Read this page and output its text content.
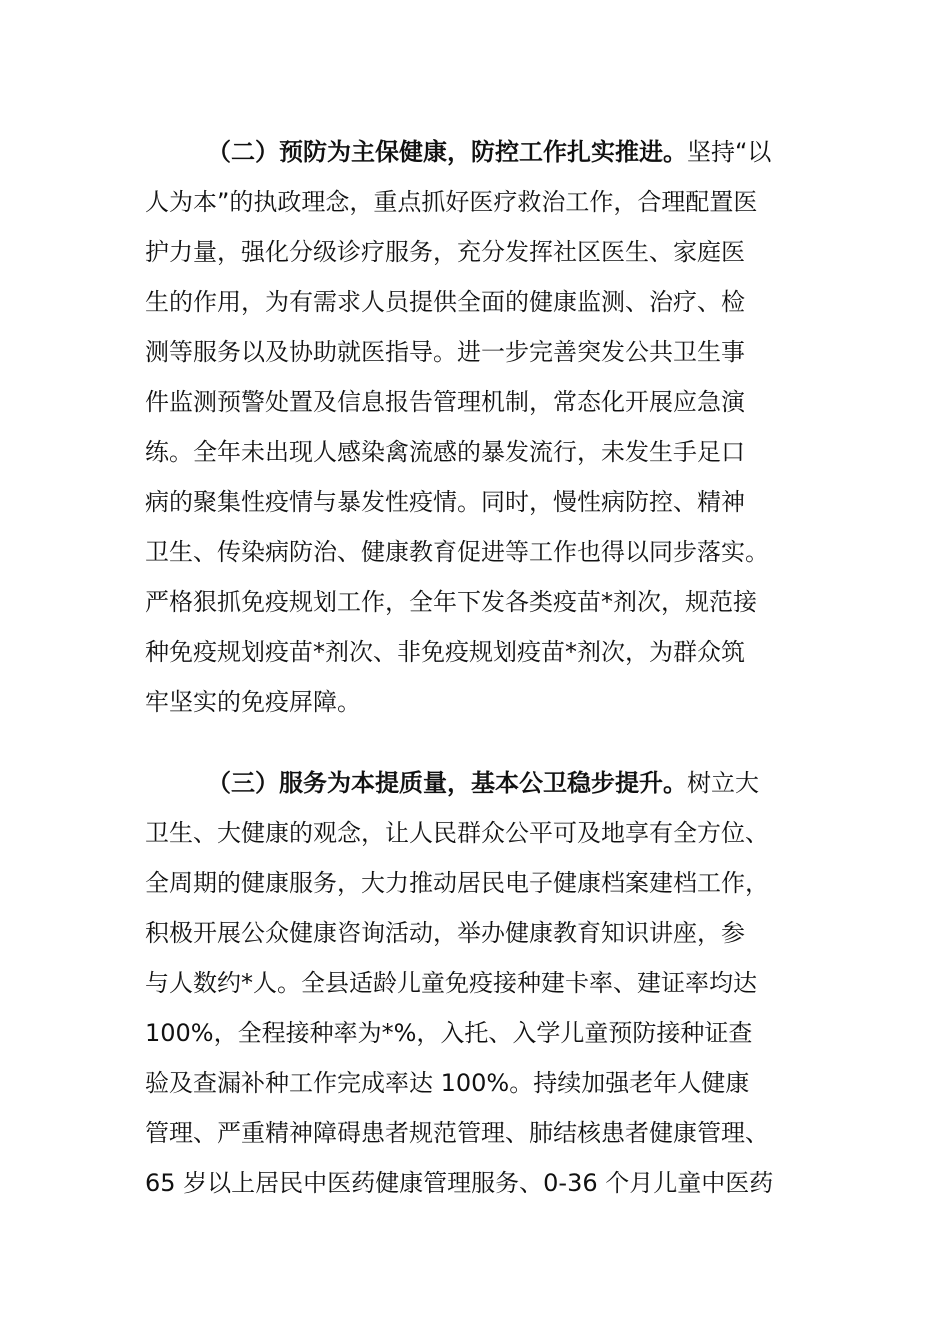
（二）预防为主保健康，防控工作扎实推进。坚持“以
人为本”的执政理念，重点抓好医疗救治工作，合理配置医
护力量，强化分级诊疗服务，充分发挥社区医生、家庭医
生的作用，为有需求人员提供全面的健康监测、治疗、检
测等服务以及协助就医指导。进一步完善突发公共卫生事
件监测预警处置及信息报告管理机制，常态化开展应急演
练。全年未出现人感染禽流感的暴发流行，未发生手足口
病的聚集性疫情与暴发性疫情。同时，慢性病防控、精神
卫生、传染病防治、健康教育促进等工作也得以同步落实。
严格狠抓免疫规划工作，全年下发各类疫苗*剂次，规范接
种免疫规划疫苗*剂次、非免疫规划疫苗*剂次，为群众筑
牢坚实的免疫屏障。
（三）服务为本提质量，基本公卫稳步提升。树立大
卫生、大健康的观念，让人民群众公平可及地享有全方位、
全周期的健康服务，大力推动居民电子健康档案建档工作，
积极开展公众健康咨询活动，举办健康教育知识讲座，参
与人数约*人。全县适龄儿童免疫接种建卡率、建证率均达
100%，全程接种率为*%，入托、入学儿童预防接种证查
验及查漏补种工作完成率达 100%。持续加强老年人健康
管理、严重精神障碍患者规范管理、肺结核患者健康管理、
65 岁以上居民中医药健康管理服务、0-36 个月儿童中医药
